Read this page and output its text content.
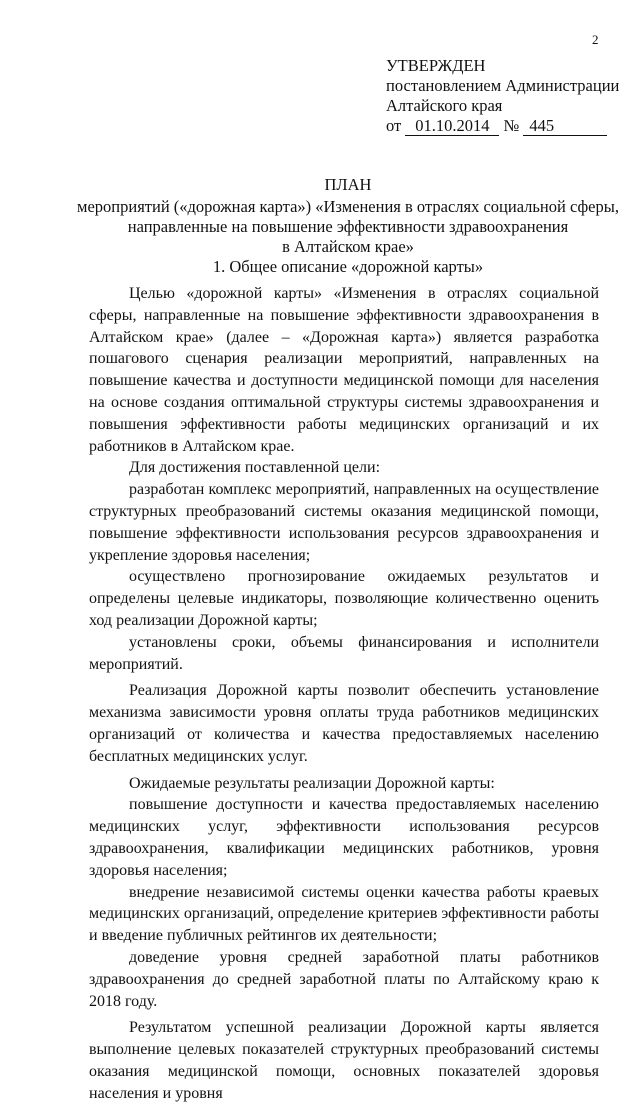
2
УТВЕРЖДЕН
постановлением Администрации
Алтайского края
от 01.10.2014 № 445
ПЛАН
мероприятий («дорожная карта») «Изменения в отраслях социальной сферы,
направленные на повышение эффективности здравоохранения
в Алтайском крае»
1. Общее описание «дорожной карты»

Целью «дорожной карты» «Изменения в отраслях социальной сферы, направленные на повышение эффективности здравоохранения в Алтайском крае» (далее – «Дорожная карта») является разработка пошагового сценария реализации мероприятий, направленных на повышение качества и доступности медицинской помощи для населения на основе создания оптимальной структуры системы здравоохранения и повышения эффективности работы медицинских организаций и их работников в Алтайском крае.

Для достижения поставленной цели:

разработан комплекс мероприятий, направленных на осуществление структурных преобразований системы оказания медицинской помощи, повышение эффективности использования ресурсов здравоохранения и укрепление здоровья населения;

осуществлено прогнозирование ожидаемых результатов и определены целевые индикаторы, позволяющие количественно оценить ход реализации Дорожной карты;

установлены сроки, объемы финансирования и исполнители мероприятий.

Реализация Дорожной карты позволит обеспечить установление механизма зависимости уровня оплаты труда работников медицинских организаций от количества и качества предоставляемых населению бесплатных медицинских услуг.

Ожидаемые результаты реализации Дорожной карты:

повышение доступности и качества предоставляемых населению медицинских услуг, эффективности использования ресурсов здравоохранения, квалификации медицинских работников, уровня здоровья населения;

внедрение независимой системы оценки качества работы краевых медицинских организаций, определение критериев эффективности работы и введение публичных рейтингов их деятельности;

доведение уровня средней заработной платы работников здравоохранения до средней заработной платы по Алтайскому краю к 2018 году.

Результатом успешной реализации Дорожной карты является выполнение целевых показателей структурных преобразований системы оказания медицинской помощи, основных показателей здоровья населения и уровня
